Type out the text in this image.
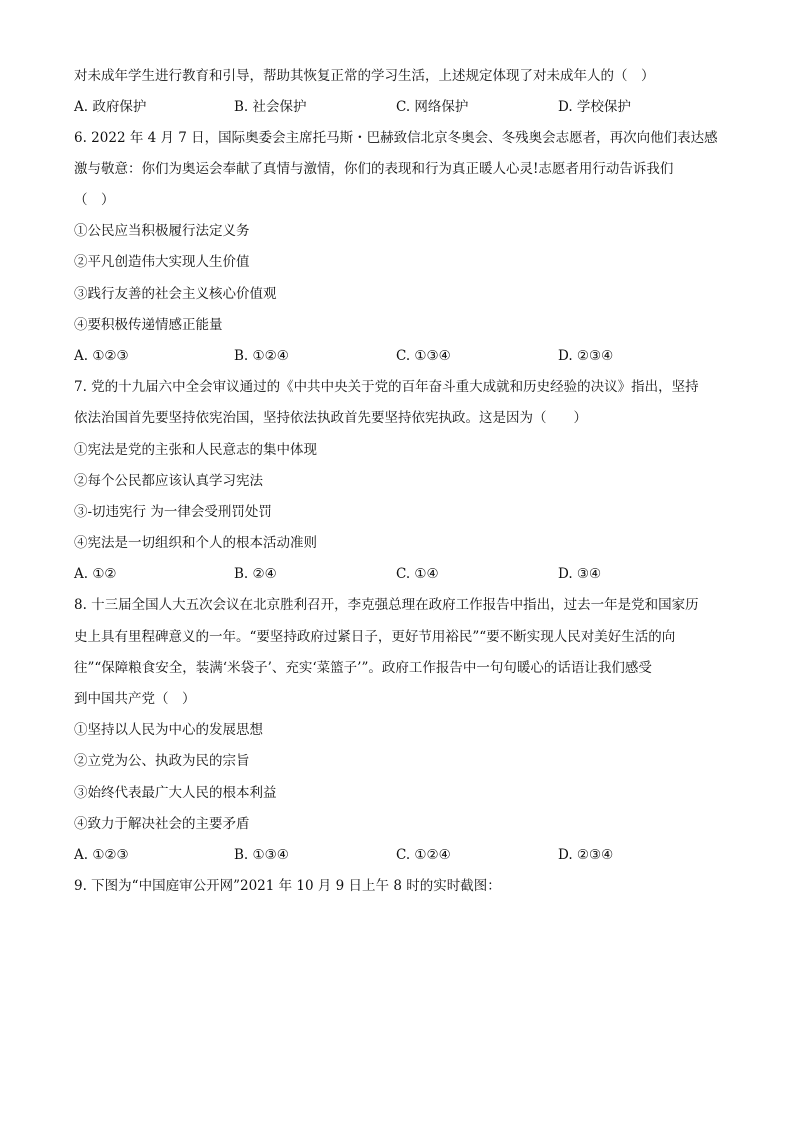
对未成年学生进行教育和引导，帮助其恢复正常的学习生活，上述规定体现了对未成年人的（　）
A. 政府保护	B. 社会保护	C. 网络保护	D. 学校保护
6. 2022 年 4 月 7 日，国际奥委会主席托马斯・巴赫致信北京冬奥会、冬残奥会志愿者，再次向他们表达感
激与敬意：你们为奥运会奉献了真情与激情，你们的表现和行为真正暖人心灵!志愿者用行动告诉我们
（　）
①公民应当积极履行法定义务
②平凡创造伟大实现人生价值
③践行友善的社会主义核心价值观
④要积极传递情感正能量
A. ①②③	B. ①②④	C. ①③④	D. ②③④
7. 党的十九届六中全会审议通过的《中共中央关于党的百年奋斗重大成就和历史经验的决议》指出，坚持
依法治国首先要坚持依宪治国，坚持依法执政首先要坚持依宪执政。这是因为（　　）
①宪法是党的主张和人民意志的集中体现
②每个公民都应该认真学习宪法
③-切违宪行 为一律会受刑罚处罚
④宪法是一切组织和个人的根本活动准则
A. ①②	B. ②④	C. ①④	D. ③④
8. 十三届全国人大五次会议在北京胜利召开，李克强总理在政府工作报告中指出，过去一年是党和国家历
史上具有里程碑意义的一年。“要坚持政府过紧日子，更好节用裕民”“要不断实现人民对美好生活的向
往”“保障粮食安全，装满‘米袋子’、充实‘菜篮子’”。政府工作报告中一句句暖心的话语让我们感受
到中国共产党（　）
①坚持以人民为中心的发展思想
②立党为公、执政为民的宗旨
③始终代表最广大人民的根本利益
④致力于解决社会的主要矛盾
A. ①②③	B. ①③④	C. ①②④	D. ②③④
9. 下图为“中国庭审公开网”2021 年 10 月 9 日上午 8 时的实时截图：
